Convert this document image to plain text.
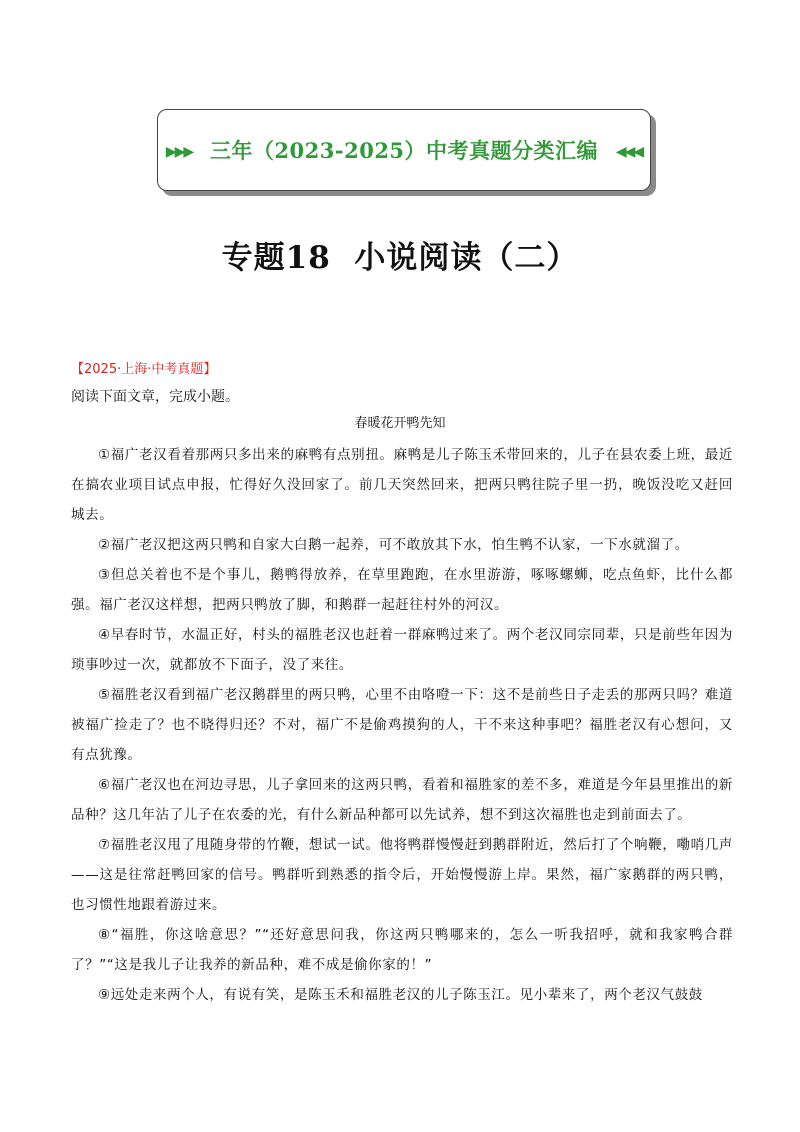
▶▶▶ 三年（2023-2025）中考真题分类汇编 ◀◀◀
专题18  小说阅读（二）
【2025·上海·中考真题】
阅读下面文章，完成小题。
春暖花开鸭先知

①福广老汉看着那两只多出来的麻鸭有点别扭。麻鸭是儿子陈玉禾带回来的，儿子在县农委上班，最近在搞农业项目试点申报，忙得好久没回家了。前几天突然回来，把两只鸭往院子里一扔，晚饭没吃又赶回城去。

②福广老汉把这两只鸭和自家大白鹅一起养，可不敢放其下水，怕生鸭不认家，一下水就溜了。

③但总关着也不是个事儿，鹅鸭得放养，在草里跑跑，在水里游游，啄啄螺蛳，吃点鱼虾，比什么都强。福广老汉这样想，把两只鸭放了脚，和鹅群一起赶往村外的河汉。

④早春时节，水温正好，村头的福胜老汉也赶着一群麻鸭过来了。两个老汉同宗同辈，只是前些年因为琐事吵过一次，就都放不下面子，没了来往。

⑤福胜老汉看到福广老汉鹅群里的两只鸭，心里不由咯噔一下：这不是前些日子走丢的那两只吗？难道被福广捡走了？也不晓得归还？不对，福广不是偷鸡摸狗的人，干不来这种事吧？福胜老汉有心想问，又有点犹豫。

⑥福广老汉也在河边寻思，儿子拿回来的这两只鸭，看着和福胜家的差不多，难道是今年县里推出的新品种？这几年沾了儿子在农委的光，有什么新品种都可以先试养，想不到这次福胜也走到前面去了。

⑦福胜老汉甩了甩随身带的竹鞭，想试一试。他将鸭群慢慢赶到鹅群附近，然后打了个响鞭，嘞哨几声——这是往常赶鸭回家的信号。鸭群听到熟悉的指令后，开始慢慢游上岸。果然，福广家鹅群的两只鸭，也习惯性地跟着游过来。

⑧“福胜，你这啥意思？”“还好意思问我，你这两只鸭哪来的，怎么一听我招呼，就和我家鸭合群了？”“这是我儿子让我养的新品种，难不成是偷你家的！”

⑨远处走来两个人，有说有笑，是陈玉禾和福胜老汉的儿子陈玉江。见小辈来了，两个老汉气鼓鼓
